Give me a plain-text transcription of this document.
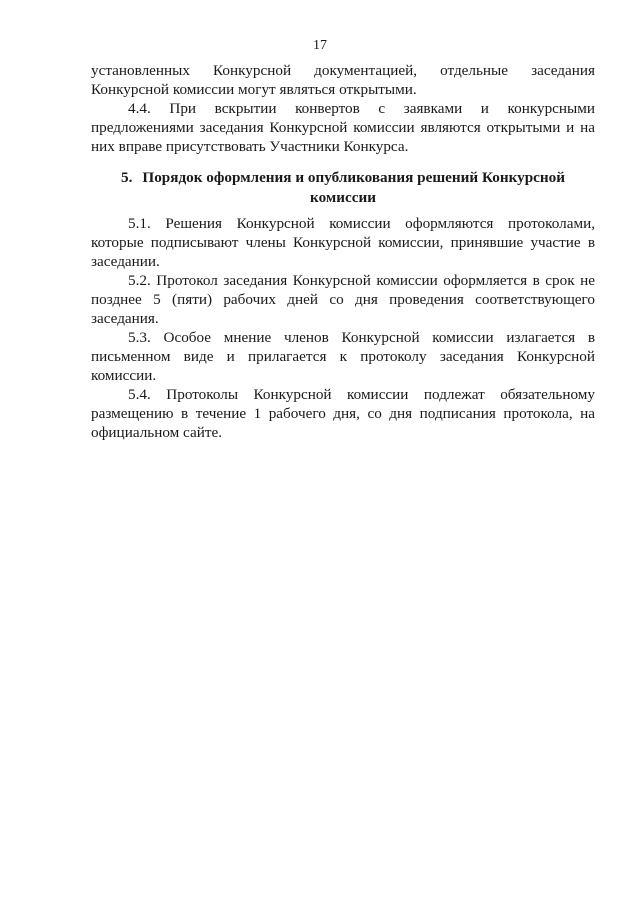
17

установленных Конкурсной документацией, отдельные заседания Конкурсной комиссии могут являться открытыми.

4.4. При вскрытии конвертов с заявками и конкурсными предложениями заседания Конкурсной комиссии являются открытыми и на них вправе присутствовать Участники Конкурса.

5. Порядок оформления и опубликования решений Конкурсной комиссии

5.1. Решения Конкурсной комиссии оформляются протоколами, которые подписывают члены Конкурсной комиссии, принявшие участие в заседании.

5.2. Протокол заседания Конкурсной комиссии оформляется в срок не позднее 5 (пяти) рабочих дней со дня проведения соответствующего заседания.

5.3. Особое мнение членов Конкурсной комиссии излагается в письменном виде и прилагается к протоколу заседания Конкурсной комиссии.

5.4. Протоколы Конкурсной комиссии подлежат обязательному размещению в течение 1 рабочего дня, со дня подписания протокола, на официальном сайте.
